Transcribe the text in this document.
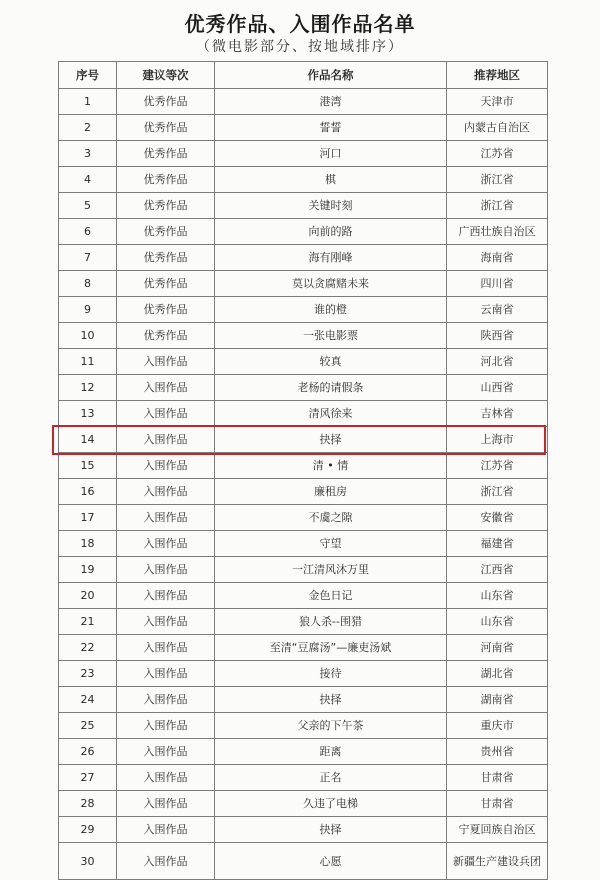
优秀作品、入围作品名单
（微电影部分、按地域排序）
序号	建议等次	作品名称	推荐地区
1	优秀作品	港湾	天津市
2	优秀作品	誓誓	内蒙古自治区
3	优秀作品	河口	江苏省
4	优秀作品	棋	浙江省
5	优秀作品	关键时刻	浙江省
6	优秀作品	向前的路	广西壮族自治区
7	优秀作品	海有刚峰	海南省
8	优秀作品	莫以贪腐赌未来	四川省
9	优秀作品	谁的橙	云南省
10	优秀作品	一张电影票	陕西省
11	入围作品	较真	河北省
12	入围作品	老杨的请假条	山西省
13	入围作品	清风徐来	吉林省
14	入围作品	抉择	上海市
15	入围作品	清 • 情	江苏省
16	入围作品	廉租房	浙江省
17	入围作品	不虞之隙	安徽省
18	入围作品	守望	福建省
19	入围作品	一江清风沐万里	江西省
20	入围作品	金色日记	山东省
21	入围作品	狼人杀--围猎	山东省
22	入围作品	至清“豆腐汤”—廉吏汤斌	河南省
23	入围作品	接待	湖北省
24	入围作品	抉择	湖南省
25	入围作品	父亲的下午茶	重庆市
26	入围作品	距离	贵州省
27	入围作品	正名	甘肃省
28	入围作品	久违了电梯	甘肃省
29	入围作品	抉择	宁夏回族自治区
30	入围作品	心愿	新疆生产建设兵团
